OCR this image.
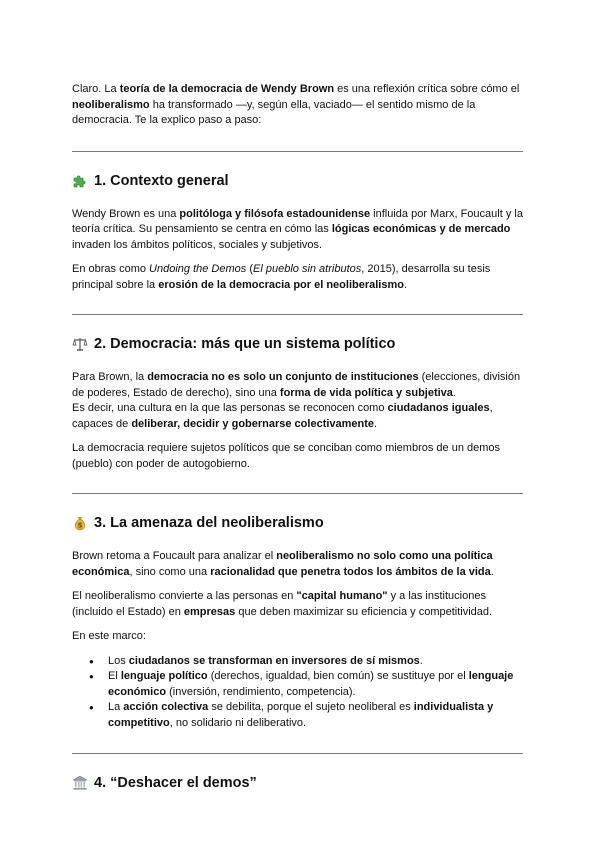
Claro. La teoría de la democracia de Wendy Brown es una reflexión crítica sobre cómo el neoliberalismo ha transformado —y, según ella, vaciado— el sentido mismo de la democracia. Te la explico paso a paso:

1. Contexto general

Wendy Brown es una politóloga y filósofa estadounidense influida por Marx, Foucault y la teoría crítica. Su pensamiento se centra en cómo las lógicas económicas y de mercado invaden los ámbitos políticos, sociales y subjetivos.

En obras como Undoing the Demos (El pueblo sin atributos, 2015), desarrolla su tesis principal sobre la erosión de la democracia por el neoliberalismo.

2. Democracia: más que un sistema político

Para Brown, la democracia no es solo un conjunto de instituciones (elecciones, división de poderes, Estado de derecho), sino una forma de vida política y subjetiva.
Es decir, una cultura en la que las personas se reconocen como ciudadanos iguales, capaces de deliberar, decidir y gobernarse colectivamente.

La democracia requiere sujetos políticos que se conciban como miembros de un demos (pueblo) con poder de autogobierno.

$ 3. La amenaza del neoliberalismo

Brown retoma a Foucault para analizar el neoliberalismo no solo como una política económica, sino como una racionalidad que penetra todos los ámbitos de la vida.

El neoliberalismo convierte a las personas en "capital humano" y a las instituciones (incluido el Estado) en empresas que deben maximizar su eficiencia y competitividad.

En este marco:

● Los ciudadanos se transforman en inversores de sí mismos.
● El lenguaje político (derechos, igualdad, bien común) se sustituye por el lenguaje económico (inversión, rendimiento, competencia).
● La acción colectiva se debilita, porque el sujeto neoliberal es individualista y competitivo, no solidario ni deliberativo.
4. “Deshacer el demos”
